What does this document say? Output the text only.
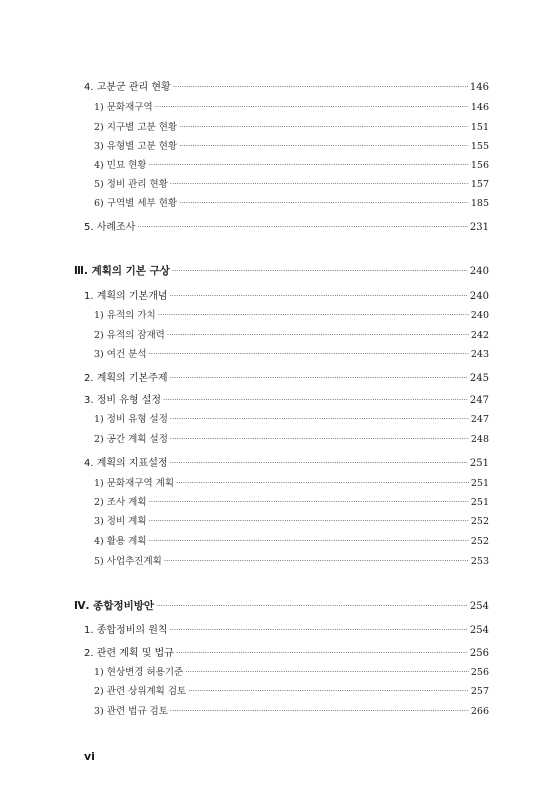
4. 고분군 관리 현황 ·····	146
1) 문화재구역 ·····	146
2) 지구별 고분 현황 ·····	151
3) 유형별 고분 현황 ·····	155
4) 민묘 현황 ·····	156
5) 정비 관리 현황 ·····	157
6) 구역별 세부 현황 ·····	185
5. 사례조사 ·····	231
Ⅲ. 계획의 기본 구상 ·····	240
1. 계획의 기본개념 ·····	240
1) 유적의 가치 ·····	240
2) 유적의 잠재력 ·····	242
3) 여건 분석 ·····	243
2. 계획의 기본주제 ·····	245
3. 정비 유형 설정 ·····	247
1) 정비 유형 설정 ·····	247
2) 공간 계획 설정 ·····	248
4. 계획의 지표설정 ·····	251
1) 문화재구역 계획 ·····	251
2) 조사 계획 ·····	251
3) 정비 계획 ·····	252
4) 활용 계획 ·····	252
5) 사업추진계획 ·····	253
Ⅳ. 종합정비방안 ·····	254
1. 종합정비의 원칙 ·····	254
2. 관련 계획 및 법규 ·····	256
1) 현상변경 허용기준 ·····	256
2) 관련 상위계획 검토 ·····	257
3) 관련 법규 검토 ·····	266
vi
